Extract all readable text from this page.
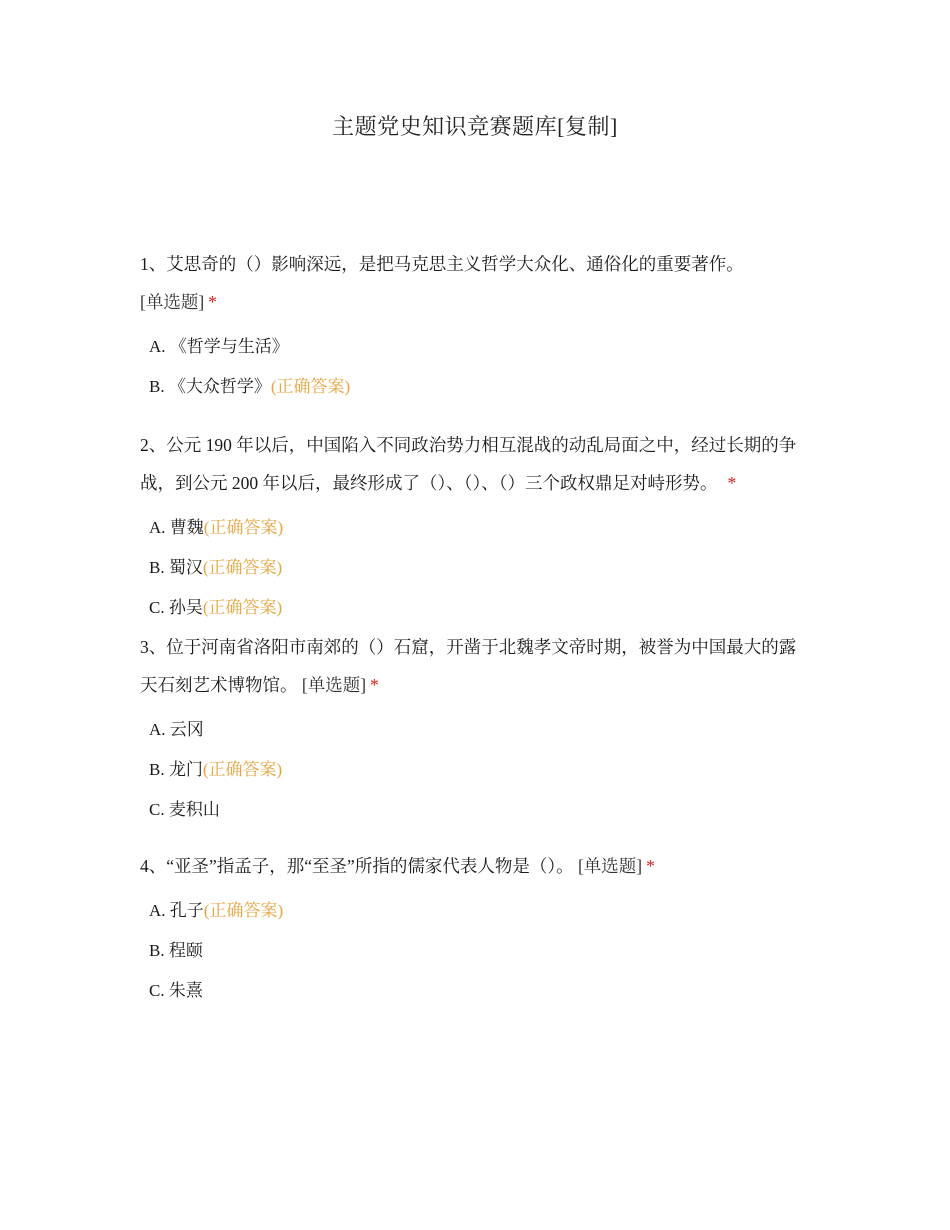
主题党史知识竞赛题库[复制]

1、艾思奇的（）影响深远，是把马克思主义哲学大众化、通俗化的重要著作。
[单选题] *

A. 《哲学与生活》
B. 《大众哲学》(正确答案)

2、公元 190 年以后，中国陷入不同政治势力相互混战的动乱局面之中，经过长期的争战，到公元 200 年以后，最终形成了（）、（）、（）三个政权鼎足对峙形势。 *

A. 曹魏(正确答案)
B. 蜀汉(正确答案)
C. 孙吴(正确答案)

3、位于河南省洛阳市南郊的（）石窟，开凿于北魏孝文帝时期，被誉为中国最大的露天石刻艺术博物馆。 [单选题] *

A. 云冈
B. 龙门(正确答案)
C. 麦积山

4、“亚圣”指孟子，那“至圣”所指的儒家代表人物是（）。 [单选题] *

A. 孔子(正确答案)
B. 程颐
C. 朱熹
